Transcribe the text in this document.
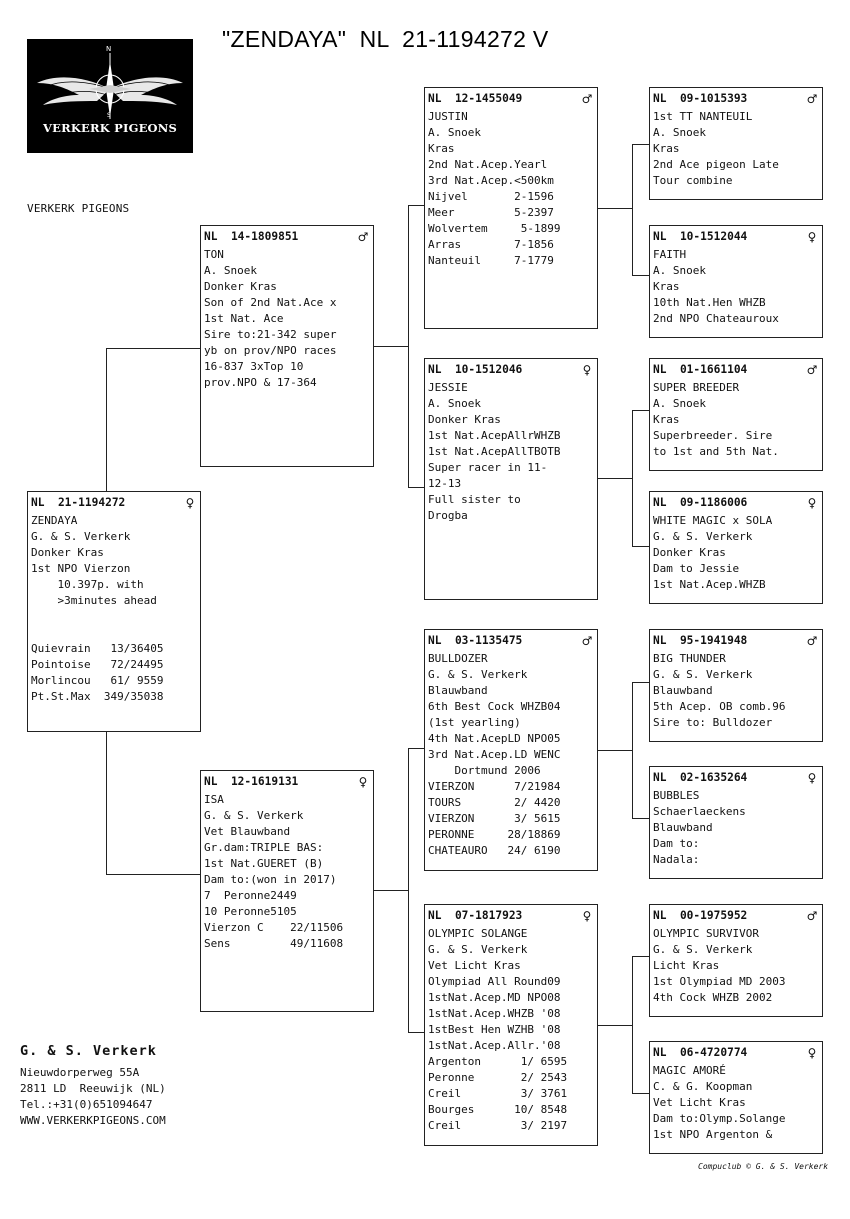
"ZENDAYA"  NL  21-1194272 V
N
S
VERKERK PIGEONS
VERKERK PIGEONS
NL  21-1194272	♀
ZENDAYA
G. & S. Verkerk
Donker Kras
1st NPO Vierzon
10.397p. with
>3minutes ahead
Quievrain   13/36405
Pointoise   72/24495
Morlincou   61/ 9559
Pt.St.Max  349/35038
NL  14-1809851	♂
TON
A. Snoek
Donker Kras
Son of 2nd Nat.Ace x
1st Nat. Ace
Sire to:21-342 super
yb on prov/NPO races
16-837 3xTop 10
prov.NPO & 17-364
NL  12-1619131	♀
ISA
G. & S. Verkerk
Vet Blauwband
Gr.dam:TRIPLE BAS:
1st Nat.GUERET (B)
Dam to:(won in 2017)
7  Peronne2449
10 Peronne5105
Vierzon C    22/11506
Sens         49/11608
NL  12-1455049	♂
JUSTIN
A. Snoek
Kras
2nd Nat.Acep.Yearl
3rd Nat.Acep.<500km
Nijvel       2-1596
Meer         5-2397
Wolvertem     5-1899
Arras        7-1856
Nanteuil     7-1779
NL  10-1512046	♀
JESSIE
A. Snoek
Donker Kras
1st Nat.AcepAllrWHZB
1st Nat.AcepAllTBOTB
Super racer in 11-
12-13
Full sister to
Drogba
NL  03-1135475	♂
BULLDOZER
G. & S. Verkerk
Blauwband
6th Best Cock WHZB04
(1st yearling)
4th Nat.AcepLD NPO05
3rd Nat.Acep.LD WENC
Dortmund 2006
VIERZON      7/21984
TOURS        2/ 4420
VIERZON      3/ 5615
PERONNE     28/18869
CHATEAURO   24/ 6190
NL  07-1817923	♀
OLYMPIC SOLANGE
G. & S. Verkerk
Vet Licht Kras
Olympiad All Round09
1stNat.Acep.MD NPO08
1stNat.Acep.WHZB '08
1stBest Hen WZHB '08
1stNat.Acep.Allr.'08
Argenton      1/ 6595
Peronne       2/ 2543
Creil         3/ 3761
Bourges      10/ 8548
Creil         3/ 2197
NL  09-1015393	♂
1st TT NANTEUIL
A. Snoek
Kras
2nd Ace pigeon Late
Tour combine
NL  10-1512044	♀
FAITH
A. Snoek
Kras
10th Nat.Hen WHZB
2nd NPO Chateauroux
NL  01-1661104	♂
SUPER BREEDER
A. Snoek
Kras
Superbreeder. Sire
to 1st and 5th Nat.
NL  09-1186006	♀
WHITE MAGIC x SOLA
G. & S. Verkerk
Donker Kras
Dam to Jessie
1st Nat.Acep.WHZB
NL  95-1941948	♂
BIG THUNDER
G. & S. Verkerk
Blauwband
5th Acep. OB comb.96
Sire to: Bulldozer
NL  02-1635264	♀
BUBBLES
Schaerlaeckens
Blauwband
Dam to:
Nadala:
NL  00-1975952	♂
OLYMPIC SURVIVOR
G. & S. Verkerk
Licht Kras
1st Olympiad MD 2003
4th Cock WHZB 2002
NL  06-4720774	♀
MAGIC AMORÉ
C. & G. Koopman
Vet Licht Kras
Dam to:Olymp.Solange
1st NPO Argenton &
G. & S. Verkerk
Nieuwdorperweg 55A
2811 LD  Reeuwijk (NL)
Tel.:+31(0)651094647
WWW.VERKERKPIGEONS.COM
Compuclub © G. & S. Verkerk
